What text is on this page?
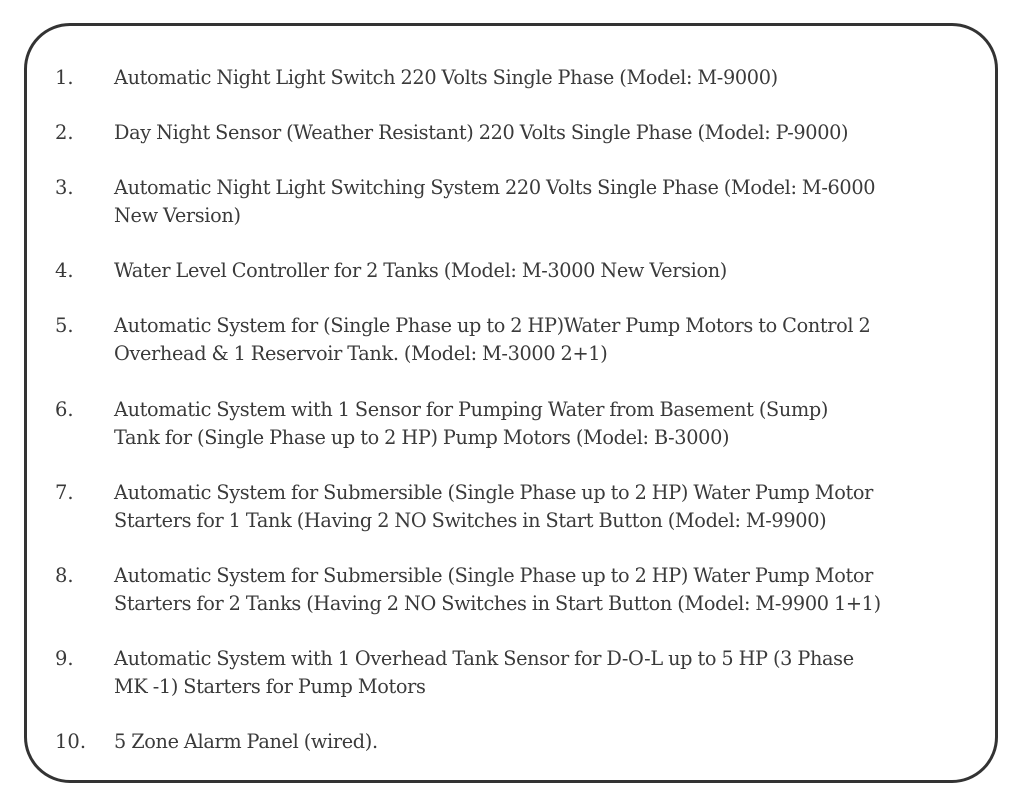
1. Automatic Night Light Switch 220 Volts Single Phase (Model: M-9000)
2. Day Night Sensor (Weather Resistant) 220 Volts Single Phase (Model: P-9000)
3. Automatic Night Light Switching System 220 Volts Single Phase (Model: M-6000
New Version)
4. Water Level Controller for 2 Tanks (Model: M-3000 New Version)
5. Automatic System for (Single Phase up to 2 HP)Water Pump Motors to Control 2
Overhead & 1 Reservoir Tank. (Model: M-3000 2+1)
6. Automatic System with 1 Sensor for Pumping Water from Basement (Sump)
Tank for (Single Phase up to 2 HP) Pump Motors (Model: B-3000)
7. Automatic System for Submersible (Single Phase up to 2 HP) Water Pump Motor
Starters for 1 Tank (Having 2 NO Switches in Start Button (Model: M-9900)
8. Automatic System for Submersible (Single Phase up to 2 HP) Water Pump Motor
Starters for 2 Tanks (Having 2 NO Switches in Start Button (Model: M-9900 1+1)
9. Automatic System with 1 Overhead Tank Sensor for D-O-L up to 5 HP (3 Phase
MK -1) Starters for Pump Motors
10. 5 Zone Alarm Panel (wired).
